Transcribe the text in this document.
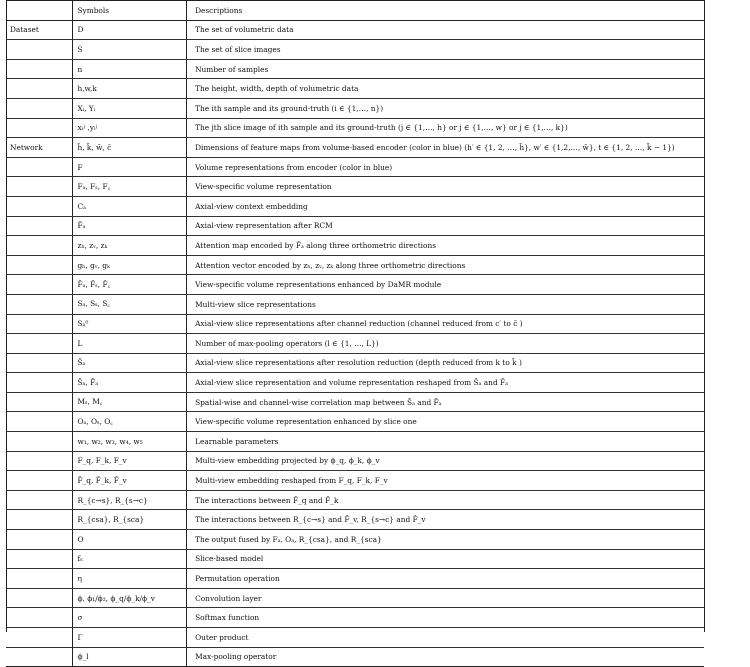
	Symbols	Descriptions
Dataset	D	The set of volumetric data
	S	The set of slice images
	n	Number of samples
	h,w,k	The height, width, depth of volumetric data
	Xᵢ, Yᵢ	The ith sample and its ground-truth (i ∈ {1,…, n})
	xᵢʲ ,yᵢʲ	The jth slice image of ith sample and its ground-truth (j ∈ {1,…, h} or j ∈ {1,…, w} or j ∈ {1,…, k})
Network	h̄, k̄, w̄, c̄	Dimensions of feature maps from volume-based encoder (color in blue) (h′ ∈ {1, 2, …, h̄}, w′ ∈ {1,2,…, w̄}, t ∈ {1, 2, …, k̄ − 1})
	F	Volume representations from encoder (color in blue)
	Fₐ, Fₛ, F꜀	View-specific volume representation
	Cₐ	Axial-view context embedding
	F̂ₐ	Axial-view representation after RCM
	zₕ, zᵥ, zₖ	Attention map encoded by F̂ₐ along three orthometric directions
	gₕ, gᵥ, gₖ	Attention vector encoded by zₕ, zᵥ, zₖ along three orthometric directions
	F̂ₐ, F̂ₛ, F̂꜀	View-specific volume representations enhanced by DaMR module
	Sₐ, Sₛ, S꜀	Multi-view slice representations
	Sₐ⁰	Axial-view slice representations after channel reduction (channel reduced from c′ to c̄ )
	L	Number of max-pooling operators (l ∈ {1, …, L})
	Ŝₐ	Axial-view slice representations after resolution reduction (depth reduced from k to k̄ )
	S̄ₐ, F̄ₐ	Axial-view slice representation and volume representation reshaped from Ŝₐ and F̂ₐ
	Mₛ, M꜀	Spatial-wise and channel-wise correlation map between S̄ₐ and F̄ₐ
	Oₐ, Oₛ, O꜀	View-specific volume representation enhanced by slice one
	w₁, w₂, w₃, w₄, w₅	Learnable parameters
	F_q, F_k, F_v	Multi-view embedding projected by ϕ_q, ϕ_k, ϕ_v
	F̂_q, F̂_k, F̂_v	Multi-view embedding reshaped from F_q, F_k, F_v
	R_{c→s}, R_{s→c}	The interactions between F̂_q and F̂_k
	R_{csa}, R_{sca}	The interactions between R_{c→s} and F̂_v, R_{s→c} and F̂_v
	O	The output fused by Fₐ, Oₐ, R_{csa}, and R_{sca}
	fₛ	Slice-based model
	η	Permutation operation
	ϕ, ϕ₁/ϕ₂, ϕ_q/ϕ_k/ϕ_v	Convolution layer
	σ	Softmax function
	Γ	Outer product
	ϕ_l	Max-pooling operator
